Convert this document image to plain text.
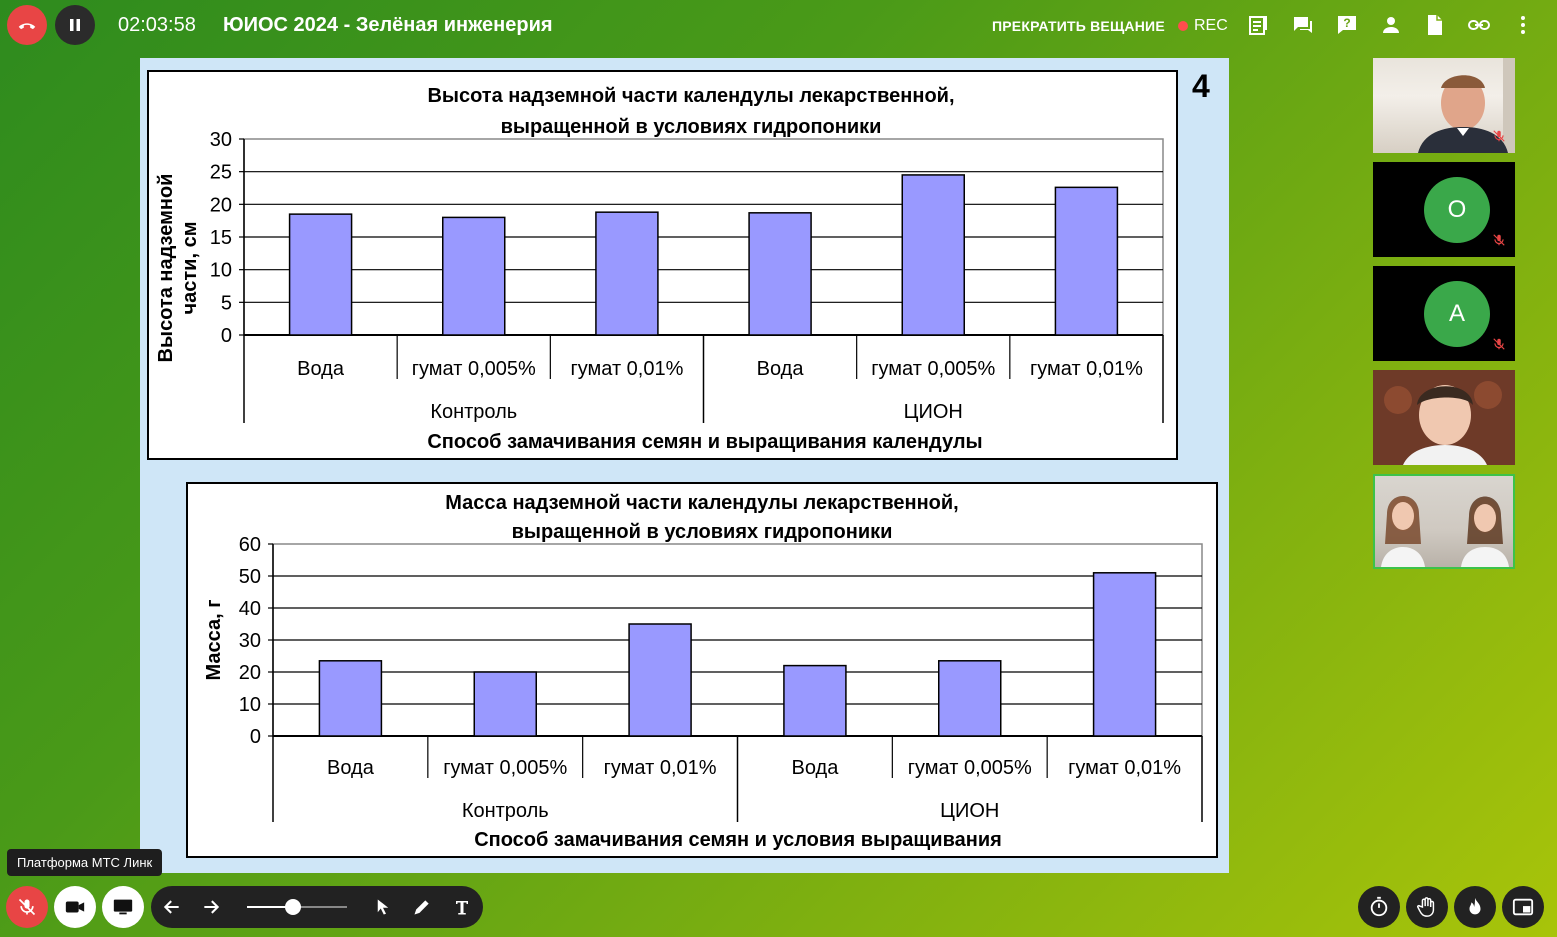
02:03:58 ЮИОС 2024 - Зелёная инженерия	ПРЕКРАТИТЬ ВЕЩАНИЕ REC	?
4
Высота надземной части календулы лекарственной,
выращенной в условиях гидропоники
0
5
10
15
20
25
30
Вода	гумат 0,005% гумат 0,01%	Вода	гумат 0,005% гумат 0,01%
Контроль	ЦИОН
Способ замачивания семян и выращивания календулы
Высота надземной части, см
Масса надземной части календулы лекарственной,
выращенной в условиях гидропоники
0
10
20
30
40
50
60
Вода	гумат 0,005% гумат 0,01%	Вода	гумат 0,005% гумат 0,01%
Контроль	ЦИОН
Способ замачивания семян и условия выращивания
Масса, г
О
А
Платформа МТС Линк
